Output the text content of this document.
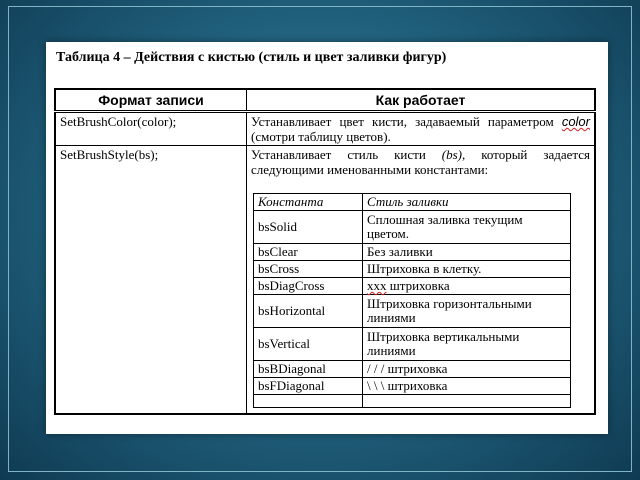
Таблица 4 – Действия с кистью (стиль и цвет заливки фигур)
Формат записи	Как работает
SetBrushColor(color);	Устанавливает цвет кисти, задаваемый параметром color (смотри таблицу цветов).
SetBrushStyle(bs);	Устанавливает стиль кисти (bs), который задается следующими именованными константами:
Константа	Стиль заливки
bsSolid	Сплошная заливка текущим цветом.
bsClear	Без заливки
bsCross	Штриховка в клетку.
bsDiagCross	xxx штриховка
bsHorizontal	Штриховка горизонтальными линиями
bsVertical	Штриховка вертикальными линиями
bsBDiagonal	/ / / штриховка
bsFDiagonal	\ \ \ штриховка
